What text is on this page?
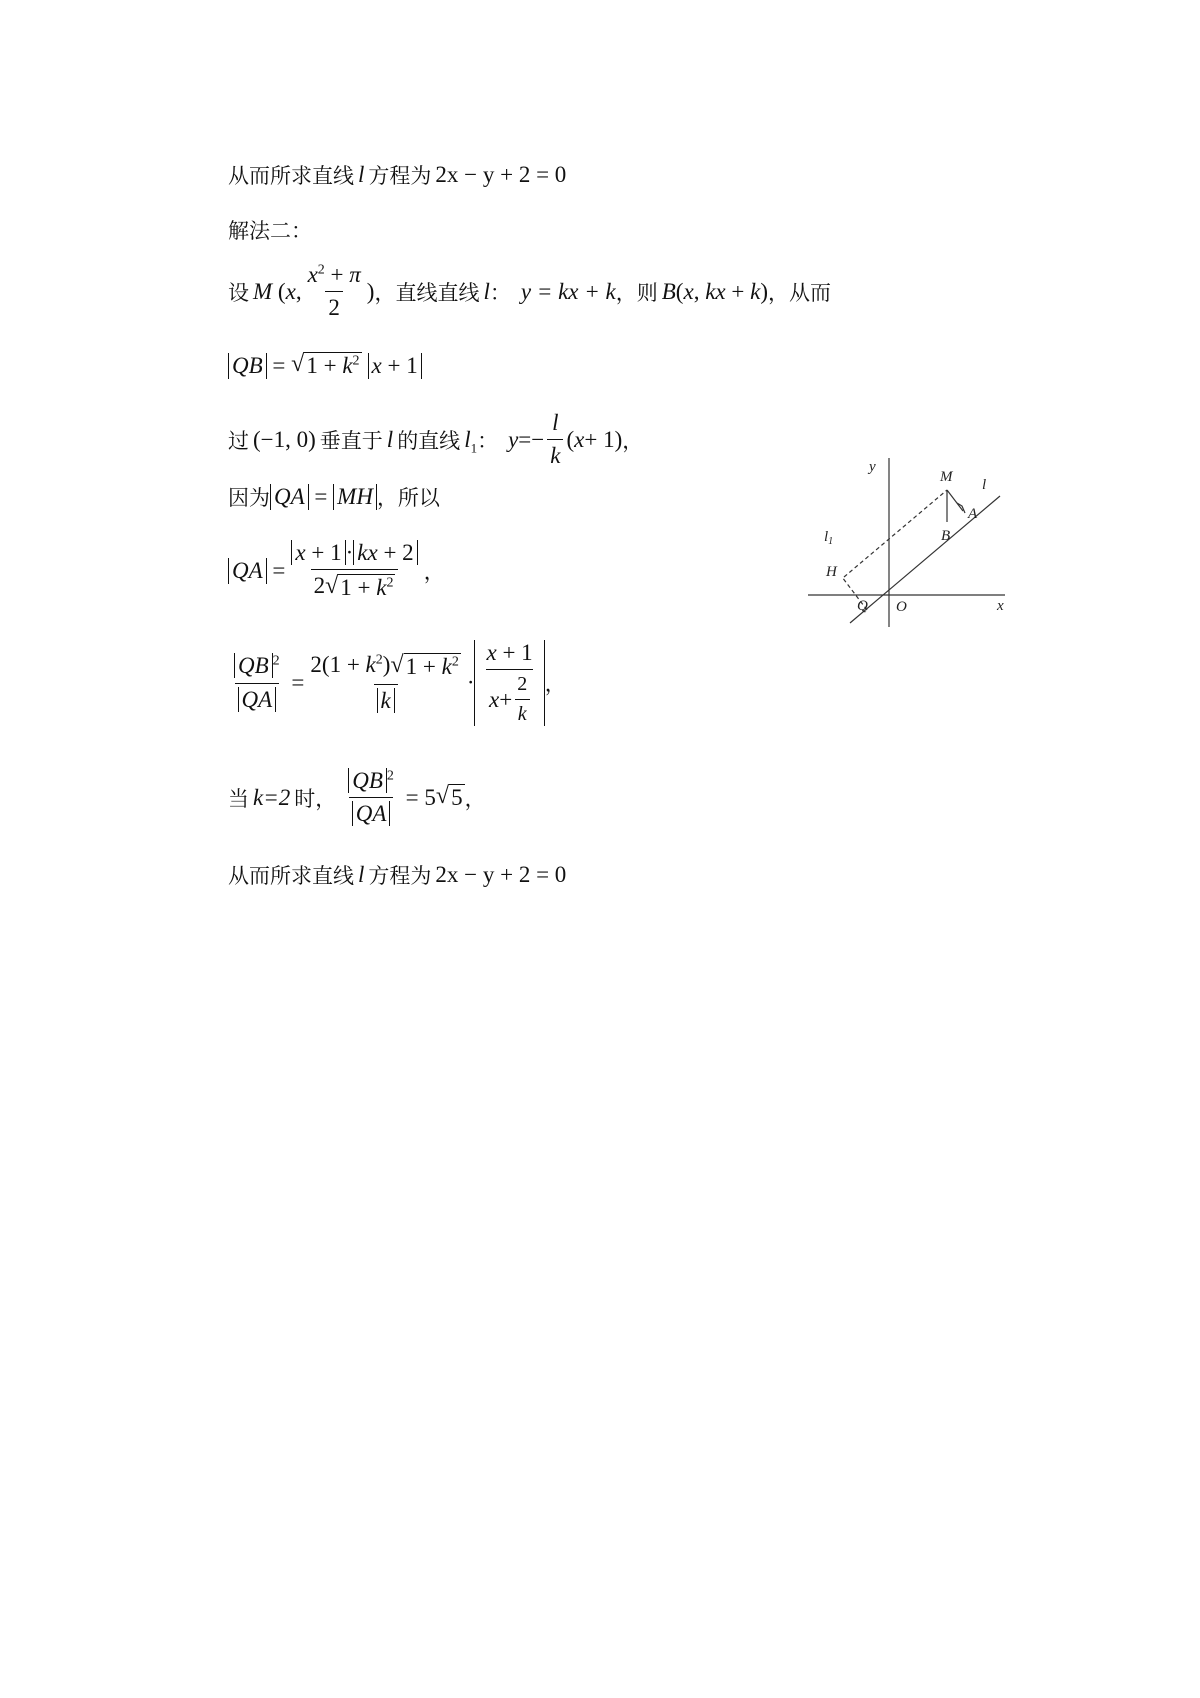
从而所求直线 l 方程为 2x − y + 2 = 0
解法二：
设 M ( x , $\frac{x^2 + \pi}{2}$ ) ，直线直线 l ： y = kx + k ，则 B(x, kx + k) ，从而
QB = √ $1 + k^2$ x + 1
过 (−1, 0) 垂直于 l 的直线 $l_1$ ： $y =- \frac{l}{k}$ ( x + 1) ，
因为 QA = MH ，所以
QA = $\frac{x + 1 \cdot kx + 2}{2 √ 1 + k^2}$ ，
$\frac{QB ^2}{QA} = \frac{2(1 + k^2) √ 1 + k^2}{k} \cdot \frac{x + 1}{x + \frac{2}{k}}$ ，
当 k=2 时， $\frac{QB ^2}{QA} = 5$ √ 5 ，
从而所求直线 l 方程为 2x − y + 2 = 0
y
M l
A
B
$l_1$
H
Q O	x
